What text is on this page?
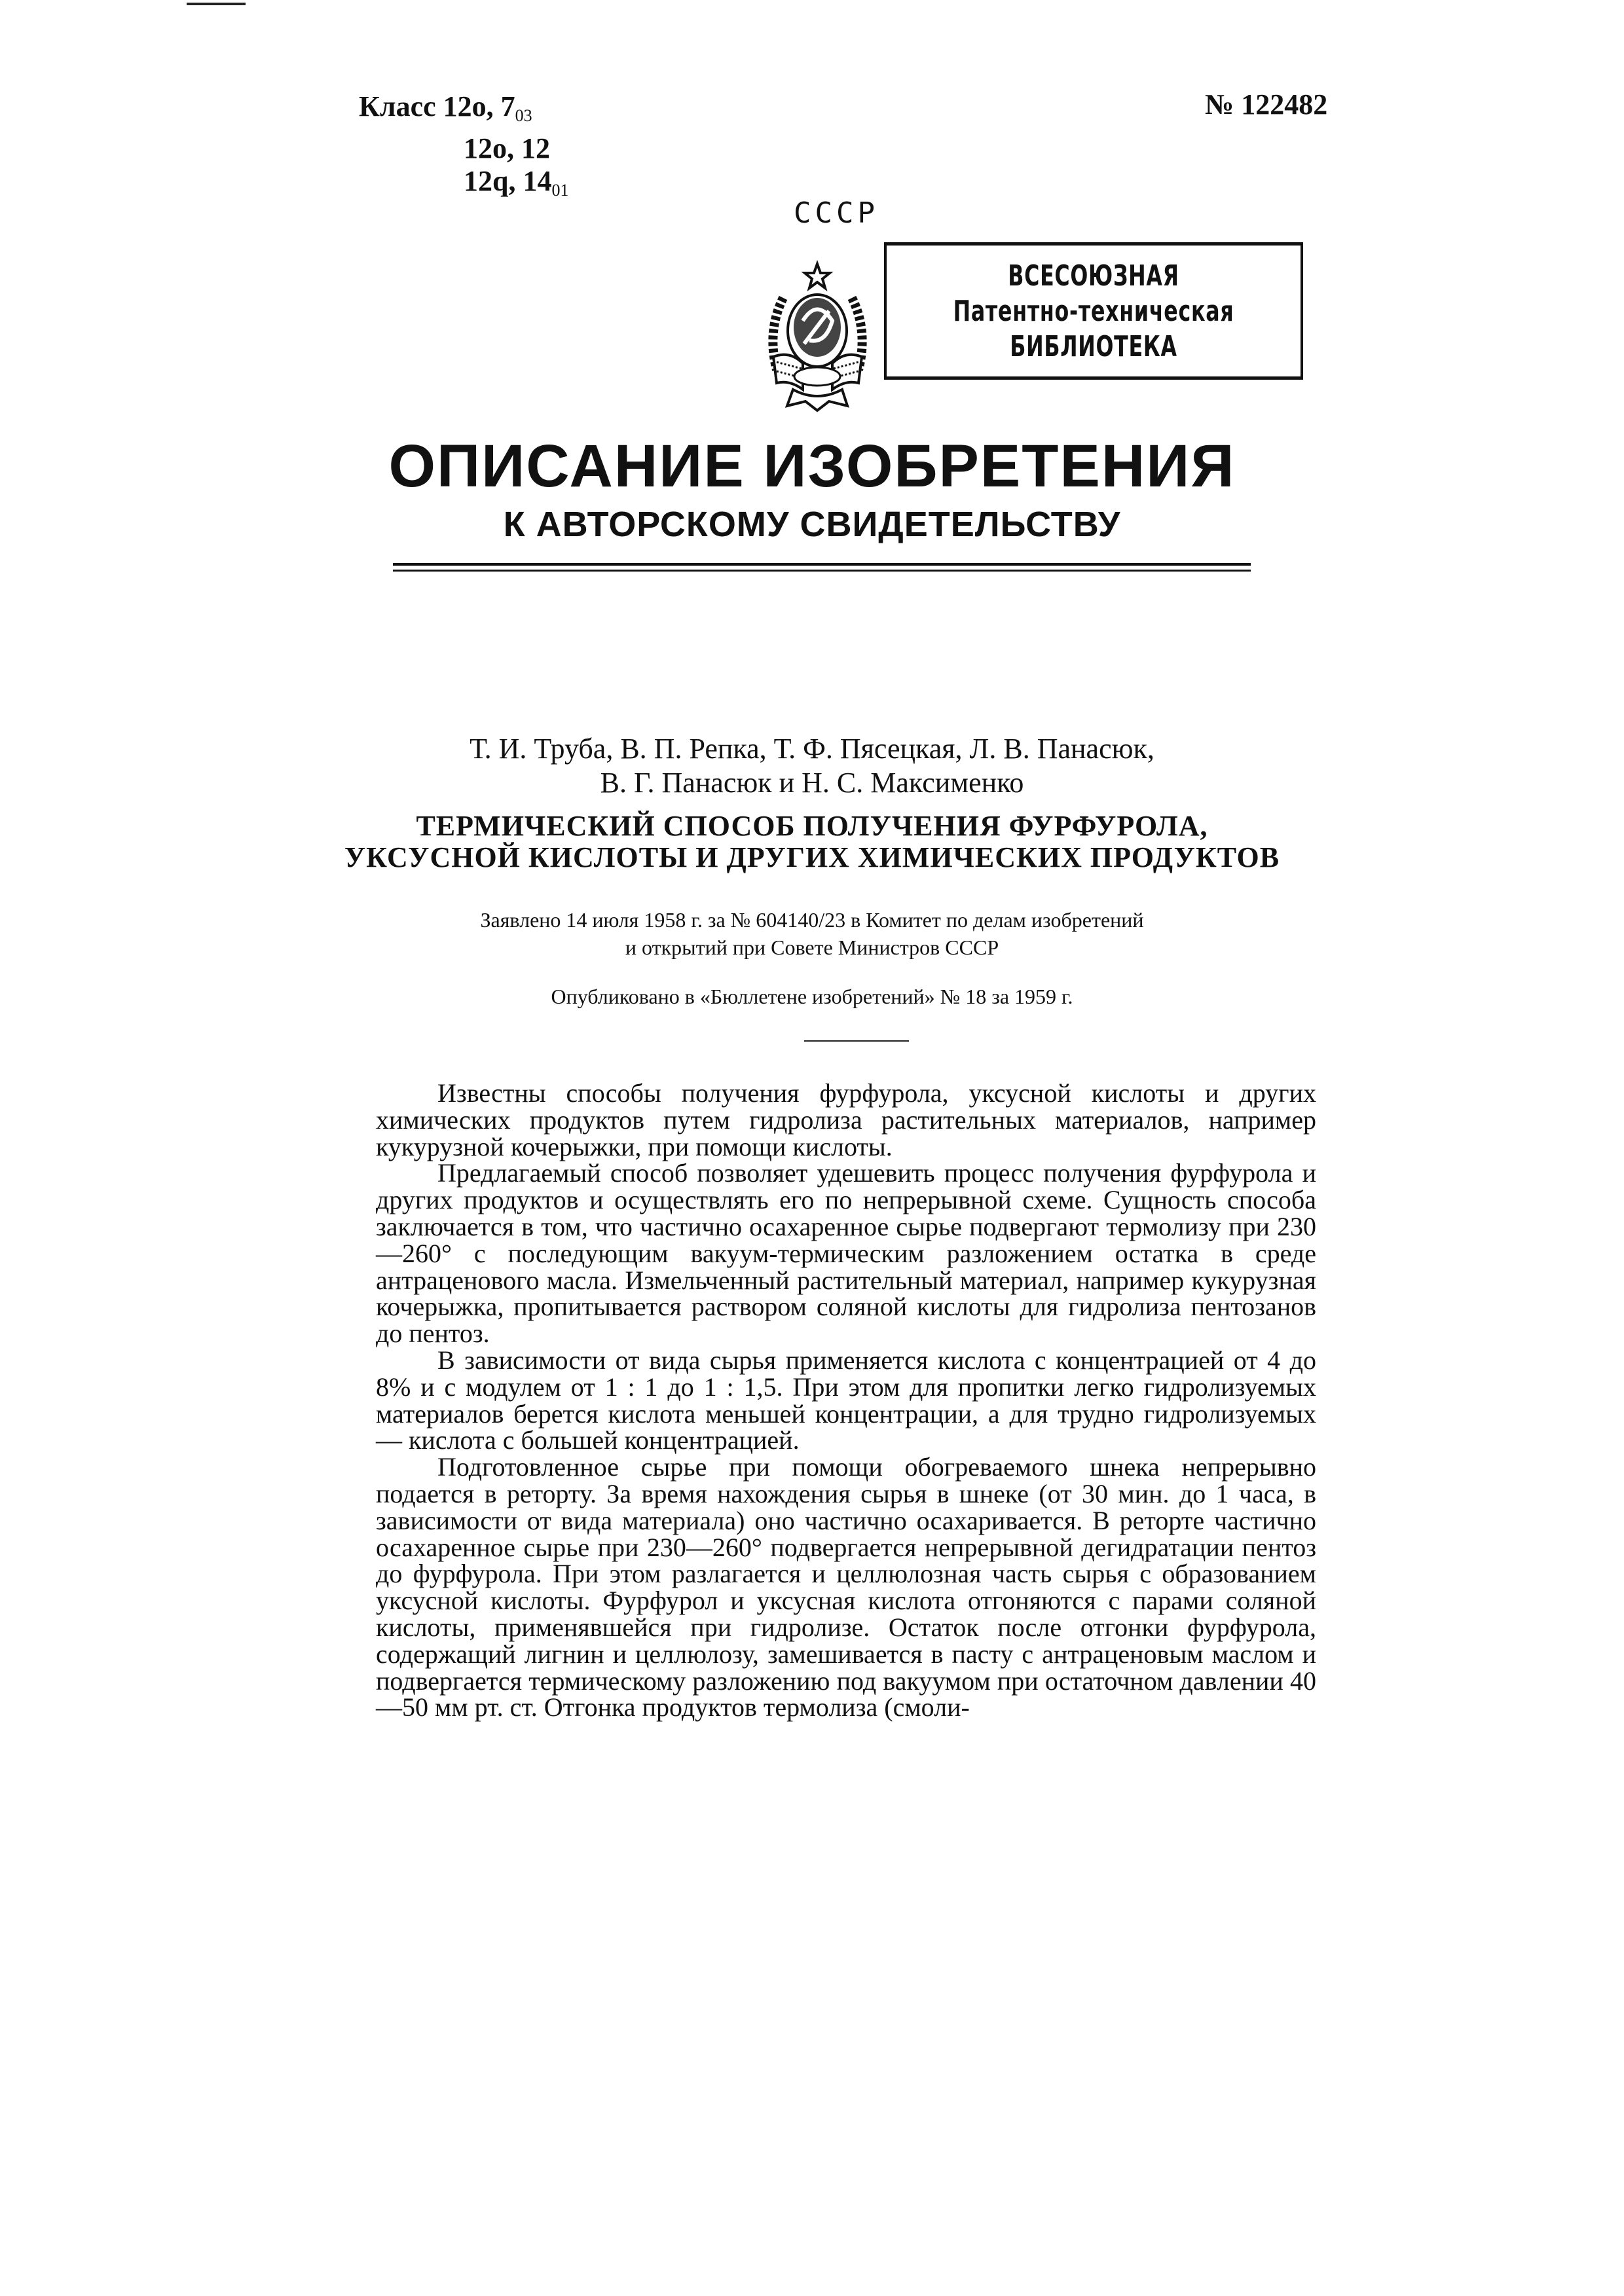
Класс 12o, 703
12o, 12
12q, 1401
№ 122482
СССР
ВСЕСОЮЗНАЯ
Патентно-техническая
БИБЛИОТЕКА
ОПИСАНИЕ ИЗОБРЕТЕНИЯ
К АВТОРСКОМУ СВИДЕТЕЛЬСТВУ
Т. И. Труба, В. П. Репка, Т. Ф. Пясецкая, Л. В. Панасюк,
В. Г. Панасюк и Н. С. Максименко
ТЕРМИЧЕСКИЙ СПОСОБ ПОЛУЧЕНИЯ ФУРФУРОЛА,
УКСУСНОЙ КИСЛОТЫ И ДРУГИХ ХИМИЧЕСКИХ ПРОДУКТОВ
Заявлено 14 июля 1958 г. за № 604140/23 в Комитет по делам изобретений
и открытий при Совете Министров СССР
Опубликовано в «Бюллетене изобретений» № 18 за 1959 г.

Известны способы получения фурфурола, уксусной кислоты и других химических продуктов путем гидролиза растительных материалов, например кукурузной кочерыжки, при помощи кислоты.

Предлагаемый способ позволяет удешевить процесс получения фурфурола и других продуктов и осуществлять его по непрерывной схеме. Сущность способа заключается в том, что частично осахаренное сырье подвергают термолизу при 230—260° с последующим вакуум-термическим разложением остатка в среде антраценового масла. Измельченный растительный материал, например кукурузная кочерыжка, пропитывается раствором соляной кислоты для гидролиза пентозанов до пентоз.

В зависимости от вида сырья применяется кислота с концентрацией от 4 до 8% и с модулем от 1 : 1 до 1 : 1,5. При этом для пропитки легко гидролизуемых материалов берется кислота меньшей концентрации, а для трудно гидролизуемых — кислота с большей концентрацией.

Подготовленное сырье при помощи обогреваемого шнека непрерывно подается в реторту. За время нахождения сырья в шнеке (от 30 мин. до 1 часа, в зависимости от вида материала) оно частично осахаривается. В реторте частично осахаренное сырье при 230—260° подвергается непрерывной дегидратации пентоз до фурфурола. При этом разлагается и целлюлозная часть сырья с образованием уксусной кислоты. Фурфурол и уксусная кислота отгоняются с парами соляной кислоты, применявшейся при гидролизе. Остаток после отгонки фурфурола, содержащий лигнин и целлюлозу, замешивается в пасту с антраценовым маслом и подвергается термическому разложению под вакуумом при остаточном давлении 40—50 мм рт. ст. Отгонка продуктов термолиза (смоли-
